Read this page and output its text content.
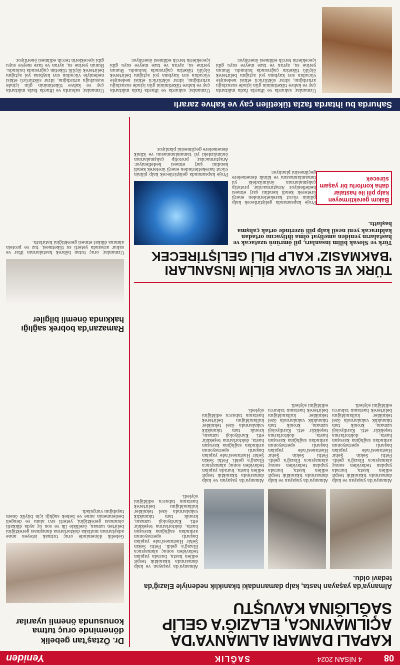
08
4 NİSAN 2024
SAĞLIK
Yeniden
KAPALI DAMARI ALMANYA'DA AÇILMAYINCA, ELAZIĞ'A GELİP SAĞLIĞINA KAVUŞTU
Almanya'da yaşayan hasta, kalp damarındaki tıkanıklık nedeniyle Elazığ'da tedavi oldu.

Almanya'da yaşayan ve kalp damarında tıkanıklık tespit edilen hasta, burada yapılan tedaviden sonuç alamayınca Elazığ'a geldi. Fethi Sekin Şehir Hastanesi'nde yapılan başarılı operasyonun ardından sağlığına kavuşan hasta, doktorlarına teşekkür etti. Kardiyoloji uzmanı, kronik tam tıkanıklık vakalarında özel teknikler kullanıldığını belirterek hastanın taburcu edildiğini söyledi.

Almanya'da yaşayan ve kalp damarında tıkanıklık tespit edilen hasta, burada yapılan tedaviden sonuç alamayınca Elazığ'a geldi. Fethi Sekin Şehir Hastanesi'nde yapılan başarılı operasyonun ardından sağlığına kavuşan hasta, doktorlarına teşekkür etti. Kardiyoloji uzmanı, kronik tam tıkanıklık vakalarında özel teknikler kullanıldığını belirterek hastanın taburcu edildiğini söyledi.

Almanya'da yaşayan ve kalp damarında tıkanıklık tespit edilen hasta, burada yapılan tedaviden sonuç alamayınca Elazığ'a geldi. Fethi Sekin Şehir Hastanesi'nde yapılan başarılı operasyonun ardından sağlığına kavuşan hasta, doktorlarına teşekkür etti. Kardiyoloji uzmanı, kronik tam tıkanıklık vakalarında özel teknikler kullanıldığını belirterek hastanın taburcu edildiğini söyledi.

Almanya'da yaşayan ve kalp damarında tıkanıklık tespit edilen hasta, burada yapılan tedaviden sonuç alamayınca Elazığ'a geldi. Fethi Sekin Şehir Hastanesi'nde yapılan başarılı operasyonun ardından sağlığına kavuşan hasta, doktorlarına teşekkür etti. Kardiyoloji uzmanı, kronik tam tıkanıklık vakalarında özel teknikler kullanıldığını belirterek hastanın taburcu edildiğini söyledi.

Dr. Öztaş'tan gebelik döneminde oruç tutma konusunda önemli uyarılar

Gebelik döneminde oruç tutmak isteyen anne adaylarının mutlaka doktorlarına danışması gerektiğini belirten uzman, özellikle ilk ve son üç ayda dikkatli olunması gerektiğini, yeterli sıvı alımı ve dengeli beslenmenin anne ve bebek sağlığı için büyük önem taşıdığını vurguladı.

Ramazan'da bobrek sağlığı hakkında önemli bilgiler

Uzmanlar, oruç tutan böbrek hastalarının iftar ve sahur arasında yeterli su tüketmesi, tuz ve protein alımına dikkat etmesi gerektiğini hatırlattı.

TÜRK VE SLOVAK BİLİM İNSANLARI 'BAKMASIZ' KALP PİLİ GELİŞTİRECEK
Türk ve Slovak bilim insanları, pil ömrünü uzatacak ve hastaların yeniden ameliyat olma ihtiyacını ortadan kaldıracak yeni nesil kalp pili üzerinde ortak çalışma başlattı.
Bakım gerektirmeyen kalp pili ile hastalar daha konforlu bir yaşam sürecek

Proje kapsamında geliştirilecek kalp pilinin vücut hareketlerinden enerji üreterek kendi kendini şarj etmesi hedefleniyor. Araştırmacılar, prototip çalışmalarının önümüzdeki yıl tamamlanmasını ve klinik denemelere geçilmesini planlıyor.

Proje kapsamında geliştirilecek kalp pilinin vücut hareketlerinden enerji üreterek kendi kendini şarj etmesi hedefleniyor. Araştırmacılar, prototip çalışmalarının önümüzdeki yıl tamamlanmasını ve klinik denemelere geçilmesini planlıyor.

Sahurda bu ihtarda fazla tüketilen çay ve kahve zararlı

Uzmanlar, sahurda ve iftarda fazla miktarda çay ve kahve tüketiminin gün içinde susuzluğu artırdığını, idrar söktürücü etkisi nedeniyle vücudun sıvı kaybına yol açtığını belirterek ölçülü tüketim çağrısında bulundu. Bunun yerine su, ayran ve taze meyve suyu gibi içeceklerin tercih edilmesi öneriliyor.

Uzmanlar, sahurda ve iftarda fazla miktarda çay ve kahve tüketiminin gün içinde susuzluğu artırdığını, idrar söktürücü etkisi nedeniyle vücudun sıvı kaybına yol açtığını belirterek ölçülü tüketim çağrısında bulundu. Bunun yerine su, ayran ve taze meyve suyu gibi içeceklerin tercih edilmesi öneriliyor.

Uzmanlar, sahurda ve iftarda fazla miktarda çay ve kahve tüketiminin gün içinde susuzluğu artırdığını, idrar söktürücü etkisi nedeniyle vücudun sıvı kaybına yol açtığını belirterek ölçülü tüketim çağrısında bulundu. Bunun yerine su, ayran ve taze meyve suyu gibi içeceklerin tercih edilmesi öneriliyor.
